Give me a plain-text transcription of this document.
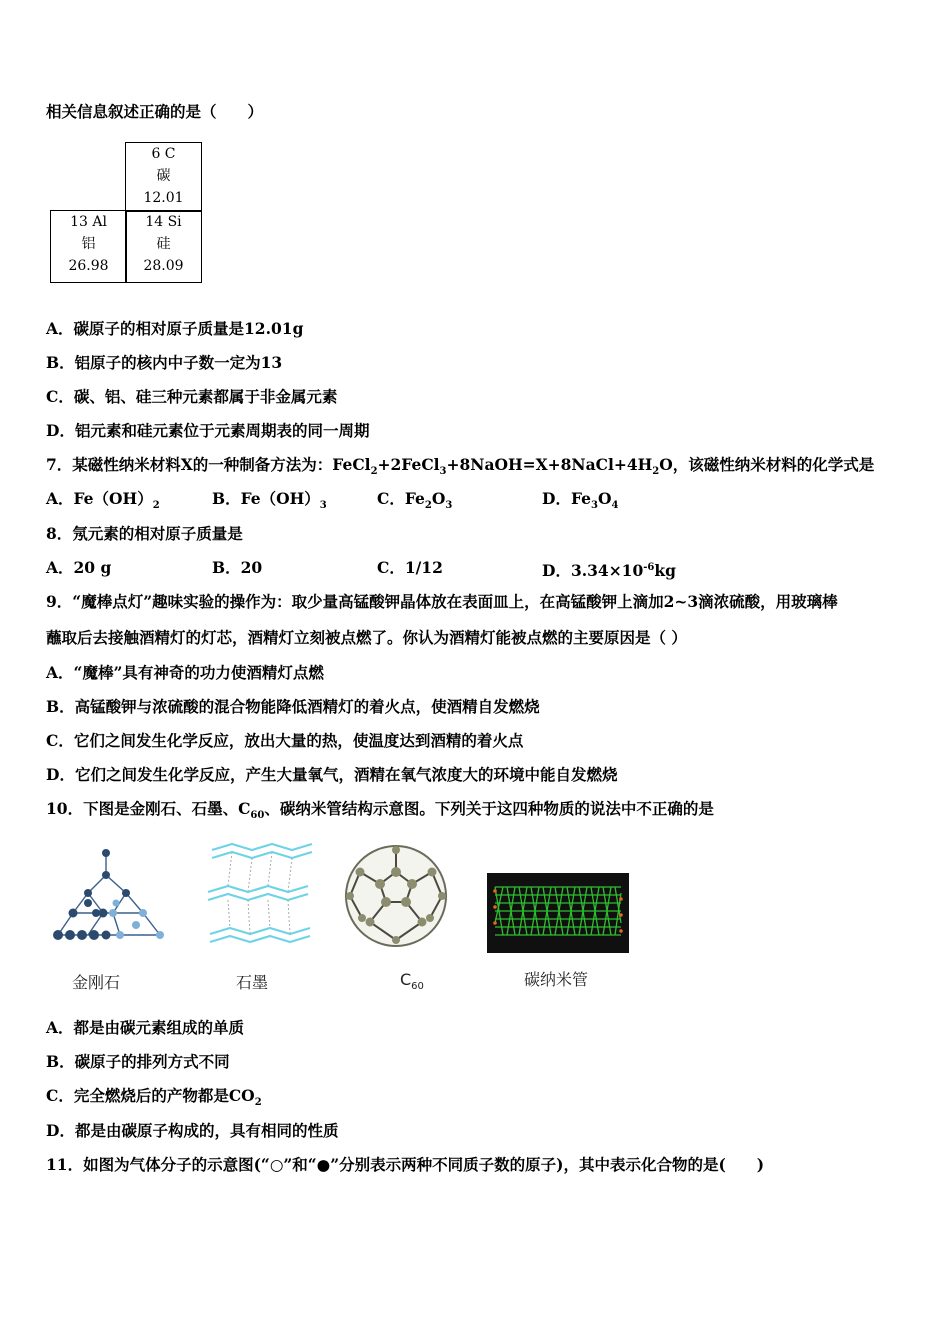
相关信息叙述正确的是（　　）
6 C
碳
12.01
13 Al
铝
26.98
14 Si
硅
28.09
A．碳原子的相对原子质量是12.01g
B．铝原子的核内中子数一定为13
C．碳、铝、硅三种元素都属于非金属元素
D．铝元素和硅元素位于元素周期表的同一周期
7．某磁性纳米材料X的一种制备方法为：$FeCl_2+2FeCl_3+8NaOH=X+8NaCl+4H_2O$，该磁性纳米材料的化学式是
A．$Fe(OH)_2$	B．$Fe(OH)_3$	C．$Fe_2O_3$	D．$Fe_3O_4$
8．氖元素的相对原子质量是
A．20 g	B．20	C．1/12	D．$3.34\times 10^{-6}kg$
9．“魔棒点灯”趣味实验的操作为：取少量高锰酸钾晶体放在表面皿上，在高锰酸钾上滴加2~3滴浓硫酸，用玻璃棒
蘸取后去接触酒精灯的灯芯，酒精灯立刻被点燃了。你认为酒精灯能被点燃的主要原因是（ ）
A．“魔棒”具有神奇的功力使酒精灯点燃
B．高锰酸钾与浓硫酸的混合物能降低酒精灯的着火点，使酒精自发燃烧
C．它们之间发生化学反应，放出大量的热，使温度达到酒精的着火点
D．它们之间发生化学反应，产生大量氧气，酒精在氧气浓度大的环境中能自发燃烧
10．下图是金刚石、石墨、$C_{60}$、碳纳米管结构示意图。下列关于这四种物质的说法中不正确的是
金刚石	石墨	$C_{60}$	碳纳米管
A．都是由碳元素组成的单质
B．碳原子的排列方式不同
C．完全燃烧后的产物都是$CO_2$
D．都是由碳原子构成的，具有相同的性质
11．如图为气体分子的示意图(“○”和“●”分别表示两种不同质子数的原子)，其中表示化合物的是(　　)
